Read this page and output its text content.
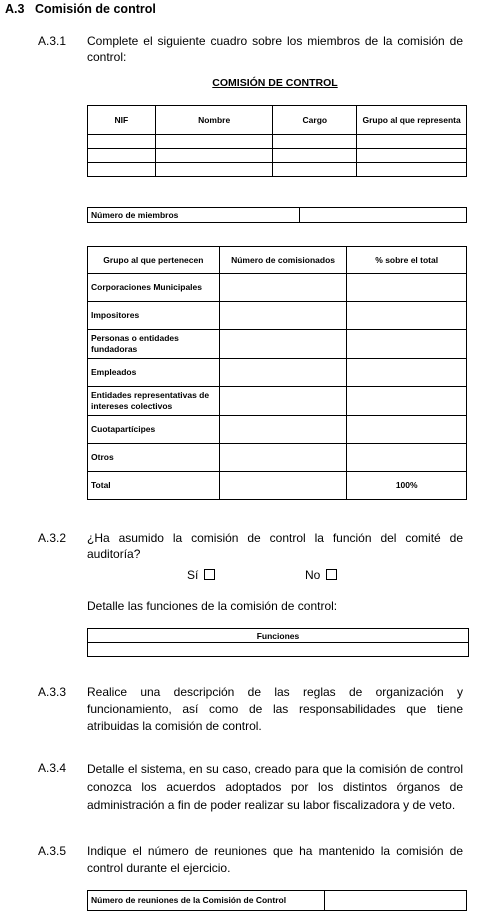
A.3 Comisión de control
A.3.1 Complete el siguiente cuadro sobre los miembros de la comisión de control:
COMISIÓN DE CONTROL
NIF	Nombre	Cargo	Grupo al que representa

Número de miembros	
Grupo al que pertenecen	Número de comisionados	% sobre el total
Corporaciones Municipales		
Impositores		
Personas o entidades fundadoras		
Empleados		
Entidades representativas de intereses colectivos		
Cuotapartícipes		
Otros		
Total		100%
A.3.2 ¿Ha asumido la comisión de control la función del comité de auditoría?
Sí	No
Detalle las funciones de la comisión de control:
Funciones

A.3.3 Realice una descripción de las reglas de organización y funcionamiento, así como de las responsabilidades que tiene atribuidas la comisión de control.
A.3.4 Detalle el sistema, en su caso, creado para que la comisión de control conozca los acuerdos adoptados por los distintos órganos de administración a fin de poder realizar su labor fiscalizadora y de veto.
A.3.5 Indique el número de reuniones que ha mantenido la comisión de control durante el ejercicio.
Número de reuniones de la Comisión de Control	
